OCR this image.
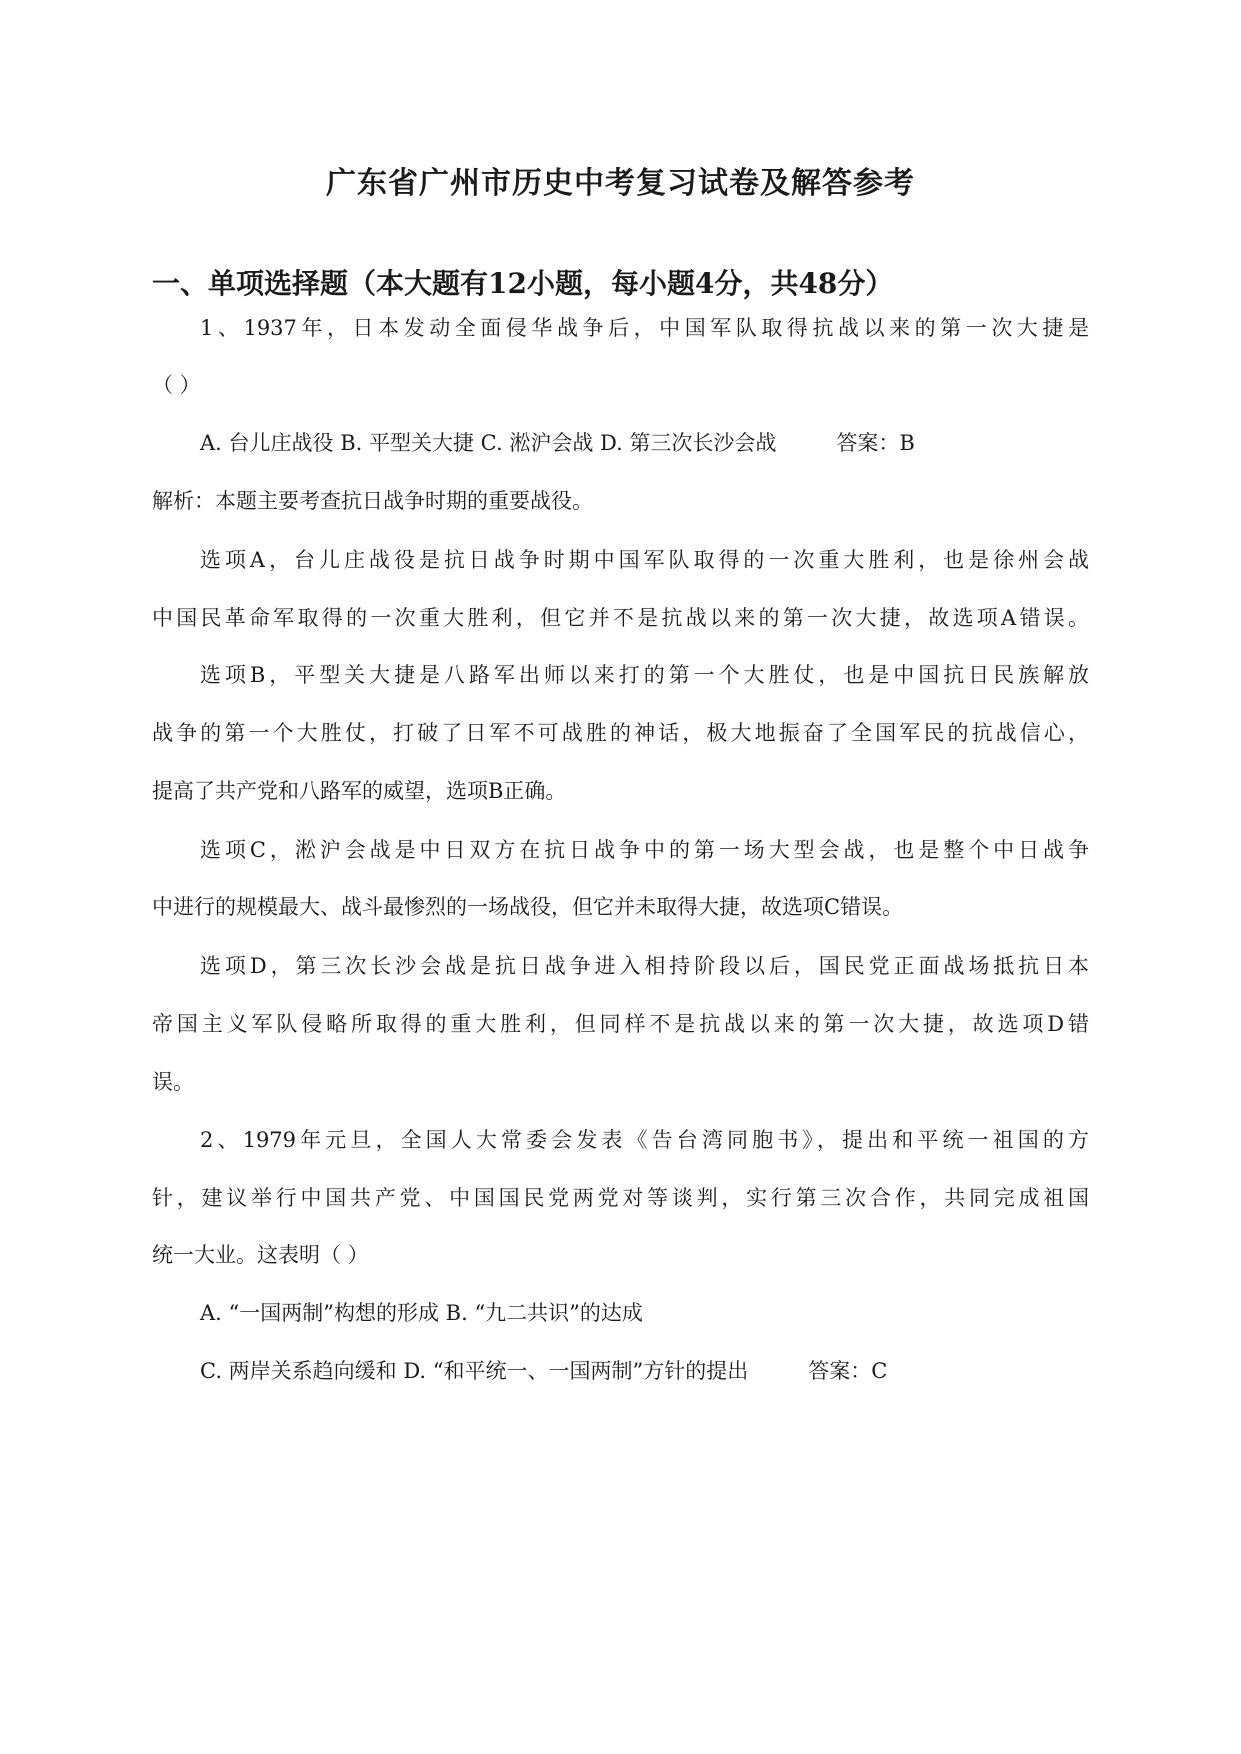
广东省广州市历史中考复习试卷及解答参考
一、单项选择题（本大题有12小题，每小题4分，共48分）
1、1937年，日本发动全面侵华战争后，中国军队取得抗战以来的第一次大捷是
（ ）
A. 台儿庄战役 B. 平型关大捷 C. 淞沪会战 D. 第三次长沙会战	答案：B
解析：本题主要考查抗日战争时期的重要战役。
选项A，台儿庄战役是抗日战争时期中国军队取得的一次重大胜利，也是徐州会战
中国民革命军取得的一次重大胜利，但它并不是抗战以来的第一次大捷，故选项A错误。
选项B，平型关大捷是八路军出师以来打的第一个大胜仗，也是中国抗日民族解放
战争的第一个大胜仗，打破了日军不可战胜的神话，极大地振奋了全国军民的抗战信心，
提高了共产党和八路军的威望，选项B正确。
选项C，淞沪会战是中日双方在抗日战争中的第一场大型会战，也是整个中日战争
中进行的规模最大、战斗最惨烈的一场战役，但它并未取得大捷，故选项C错误。
选项D，第三次长沙会战是抗日战争进入相持阶段以后，国民党正面战场抵抗日本
帝国主义军队侵略所取得的重大胜利，但同样不是抗战以来的第一次大捷，故选项D错
误。
2、1979年元旦，全国人大常委会发表《告台湾同胞书》，提出和平统一祖国的方
针，建议举行中国共产党、中国国民党两党对等谈判，实行第三次合作，共同完成祖国
统一大业。这表明（ ）
A. “一国两制”构想的形成 B. “九二共识”的达成
C. 两岸关系趋向缓和 D. “和平统一、一国两制”方针的提出	答案：C
